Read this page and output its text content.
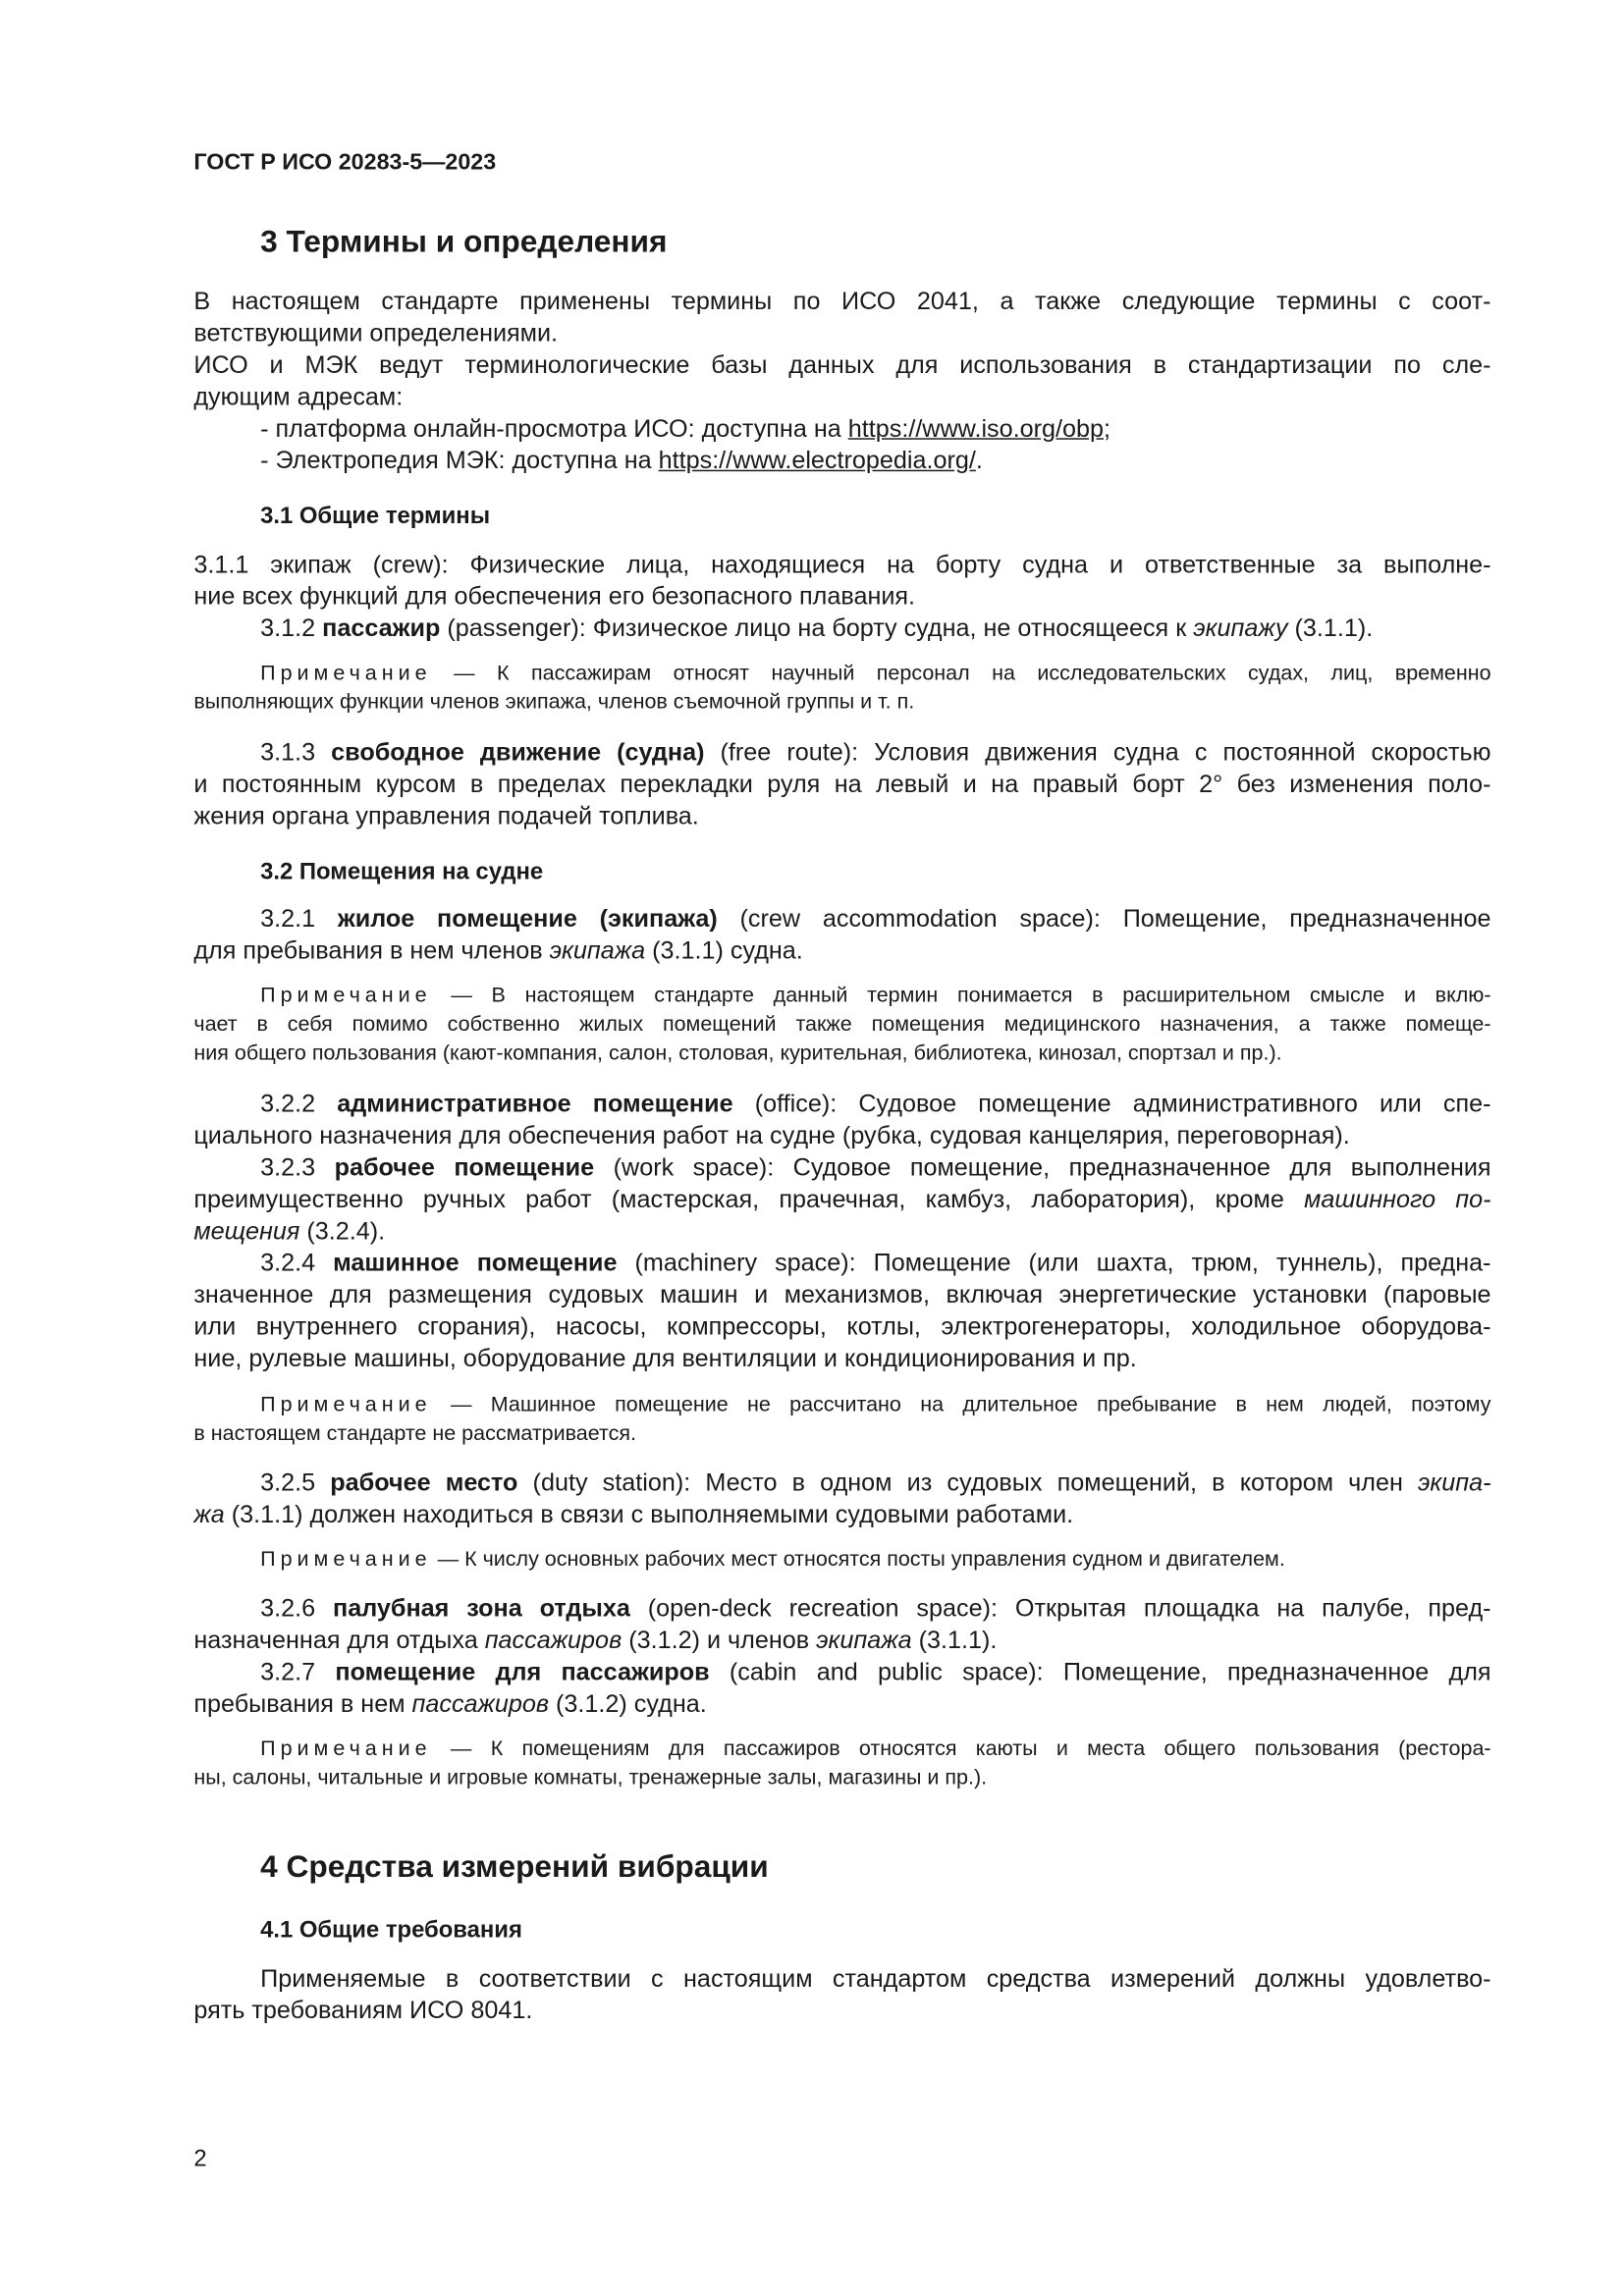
ГОСТ Р ИСО 20283-5—2023
3 Термины и определения

В настоящем стандарте применены термины по ИСО 2041, а также следующие термины с соот-

ветствующими определениями.

ИСО и МЭК ведут терминологические базы данных для использования в стандартизации по сле-

дующим адресам:

- платформа онлайн-просмотра ИСО: доступна на https://www.iso.org/obp;

- Электропедия МЭК: доступна на https://www.electropedia.org/.

3.1 Общие термины

3.1.1 экипаж (crew): Физические лица, находящиеся на борту судна и ответственные за выполне-

ние всех функций для обеспечения его безопасного плавания.

3.1.2 пассажир (passenger): Физическое лицо на борту судна, не относящееся к экипажу (3.1.1).

Примечание — К пассажирам относят научный персонал на исследовательских судах, лиц, временно

выполняющих функции членов экипажа, членов съемочной группы и т. п.

3.1.3 свободное движение (судна) (free route): Условия движения судна с постоянной скоростью

и постоянным курсом в пределах перекладки руля на левый и на правый борт 2° без изменения поло-

жения органа управления подачей топлива.

3.2 Помещения на судне

3.2.1 жилое помещение (экипажа) (crew accommodation space): Помещение, предназначенное

для пребывания в нем членов экипажа (3.1.1) судна.

Примечание — В настоящем стандарте данный термин понимается в расширительном смысле и вклю-

чает в себя помимо собственно жилых помещений также помещения медицинского назначения, а также помеще-

ния общего пользования (кают-компания, салон, столовая, курительная, библиотека, кинозал, спортзал и пр.).

3.2.2 административное помещение (office): Судовое помещение административного или спе-

циального назначения для обеспечения работ на судне (рубка, судовая канцелярия, переговорная).

3.2.3 рабочее помещение (work space): Судовое помещение, предназначенное для выполнения

преимущественно ручных работ (мастерская, прачечная, камбуз, лаборатория), кроме машинного по-

мещения (3.2.4).

3.2.4 машинное помещение (machinery space): Помещение (или шахта, трюм, туннель), предна-

значенное для размещения судовых машин и механизмов, включая энергетические установки (паровые

или внутреннего сгорания), насосы, компрессоры, котлы, электрогенераторы, холодильное оборудова-

ние, рулевые машины, оборудование для вентиляции и кондиционирования и пр.

Примечание — Машинное помещение не рассчитано на длительное пребывание в нем людей, поэтому

в настоящем стандарте не рассматривается.

3.2.5 рабочее место (duty station): Место в одном из судовых помещений, в котором член экипа-

жа (3.1.1) должен находиться в связи с выполняемыми судовыми работами.

Примечание — К числу основных рабочих мест относятся посты управления судном и двигателем.

3.2.6 палубная зона отдыха (open-deck recreation space): Открытая площадка на палубе, пред-

назначенная для отдыха пассажиров (3.1.2) и членов экипажа (3.1.1).

3.2.7 помещение для пассажиров (cabin and public space): Помещение, предназначенное для

пребывания в нем пассажиров (3.1.2) судна.

Примечание — К помещениям для пассажиров относятся каюты и места общего пользования (рестора-

ны, салоны, читальные и игровые комнаты, тренажерные залы, магазины и пр.).

4 Средства измерений вибрации
4.1 Общие требования

Применяемые в соответствии с настоящим стандартом средства измерений должны удовлетво-

рять требованиям ИСО 8041.

2
